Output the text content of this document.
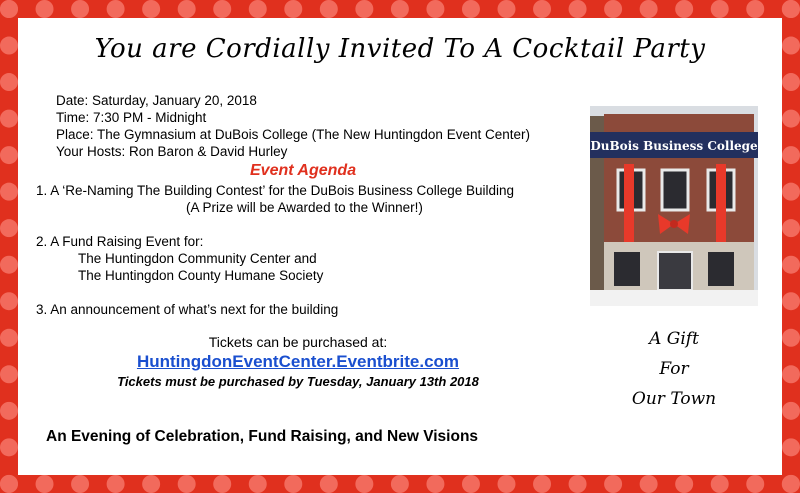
You are Cordially Invited To A Cocktail Party
Date: Saturday, January 20, 2018
Time: 7:30 PM - Midnight
Place: The Gymnasium at DuBois College (The New Huntingdon Event Center)
Your Hosts: Ron Baron & David Hurley
Event Agenda
1. A ‘Re-Naming The Building Contest’ for the DuBois Business College Building
(A Prize will be Awarded to the Winner!)
2. A Fund Raising Event for:
The Huntingdon Community Center and
The Huntingdon County Humane Society
3. An announcement of what’s next for the building
Tickets can be purchased at:
HuntingdonEventCenter.Eventbrite.com
Tickets must be purchased by Tuesday, January 13th 2018
An Evening of Celebration, Fund Raising, and New Visions
DuBois Business College
A Gift
For
Our Town
